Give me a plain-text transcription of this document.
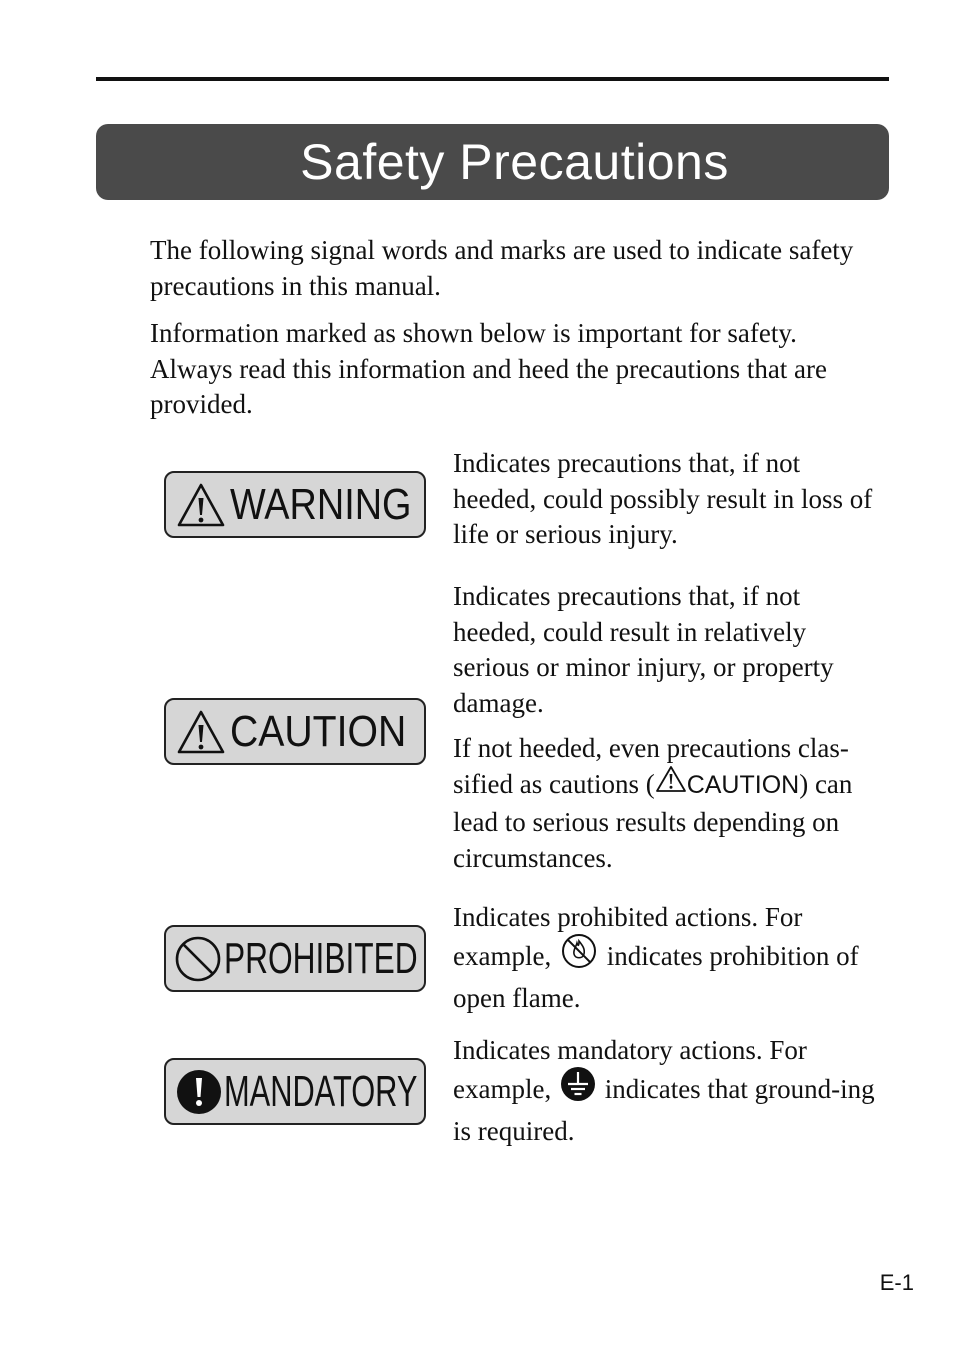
Safety Precautions

The following signal words and marks are used to indicate safety precautions in this manual.

Information marked as shown below is important for safety. Always read this information and heed the precautions that are provided.

WARNING

Indicates precautions that, if not heeded, could possibly result in loss of life or serious injury.

CAUTION

Indicates precautions that, if not heeded, could result in relatively serious or minor injury, or property damage.

If not heeded, even precautions clas-sified as cautions ( CAUTION) can lead to serious results depending on circumstances.

PROHIBITED

Indicates prohibited actions. For example,  indicates prohibition of open flame.

MANDATORY

Indicates mandatory actions. For example,  indicates that ground-ing is required.

E-1
